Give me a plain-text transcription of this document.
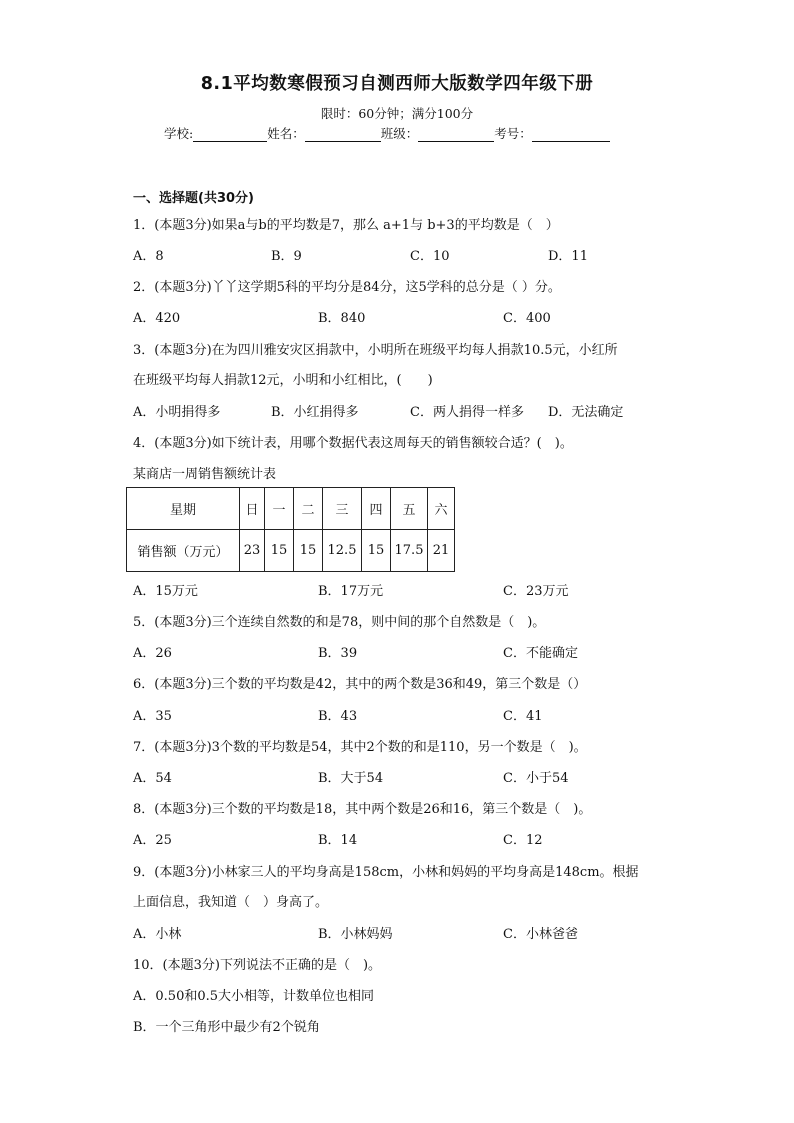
8.1平均数寒假预习自测西师大版数学四年级下册
限时：60分钟；满分100分
学校:	姓名：	班级：	考号：
一、选择题(共30分)
1．(本题3分)如果a与b的平均数是7，那么 a+1与 b+3的平均数是（　）
A．8	B．9	C．10	D．11
2．(本题3分)丫丫这学期5科的平均分是84分，这5学科的总分是（ ）分。
A．420	B．840	C．400
3．(本题3分)在为四川雅安灾区捐款中，小明所在班级平均每人捐款10.5元，小红所
在班级平均每人捐款12元，小明和小红相比，(　　)
A．小明捐得多	B．小红捐得多	C．两人捐得一样多 D．无法确定
4．(本题3分)如下统计表，用哪个数据代表这周每天的销售额较合适？(　)。
某商店一周销售额统计表
星期	日	一	二	三	四	五	六
销售额（万元）	23	15	15	12.5	15	17.5	21
A．15万元	B．17万元	C．23万元
5．(本题3分)三个连续自然数的和是78，则中间的那个自然数是（　)。
A．26	B．39	C．不能确定
6．(本题3分)三个数的平均数是42，其中的两个数是36和49，第三个数是（）
A．35	B．43	C．41
7．(本题3分)3个数的平均数是54，其中2个数的和是110，另一个数是（　)。
A．54	B．大于54	C．小于54
8．(本题3分)三个数的平均数是18，其中两个数是26和16，第三个数是（　)。
A．25	B．14	C．12
9．(本题3分)小林家三人的平均身高是158cm，小林和妈妈的平均身高是148cm。根据
上面信息，我知道（　）身高了。
A．小林	B．小林妈妈	C．小林爸爸
10．(本题3分)下列说法不正确的是（　)。
A．0.50和0.5大小相等，计数单位也相同
B．一个三角形中最少有2个锐角
